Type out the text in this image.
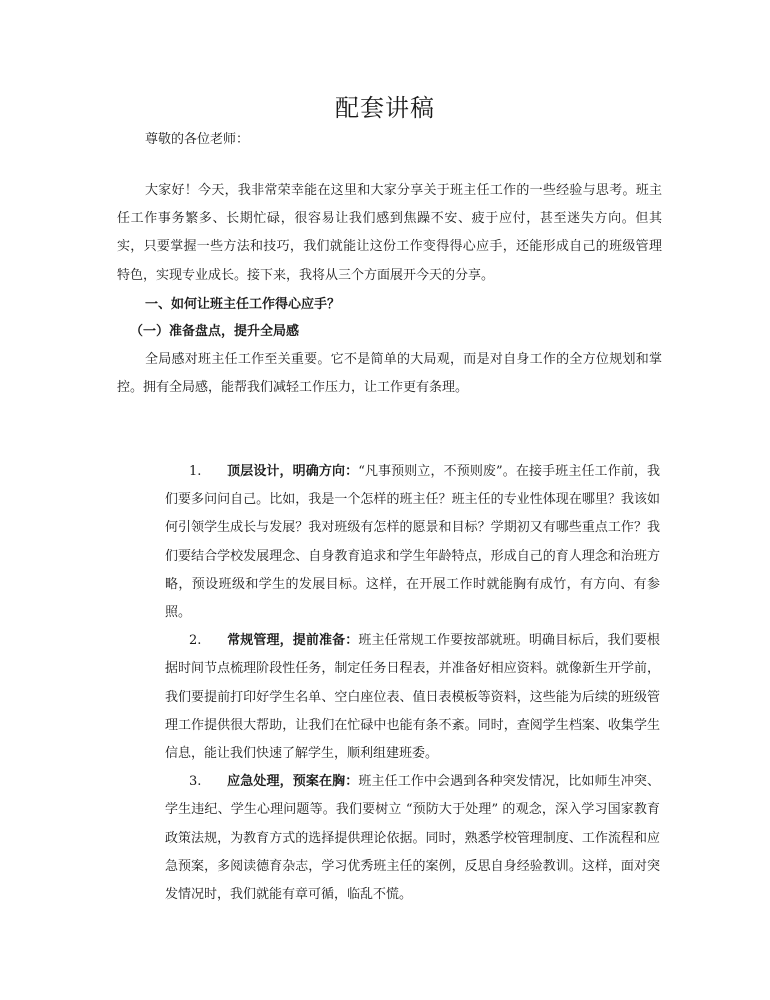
配套讲稿

尊敬的各位老师：

大家好！今天，我非常荣幸能在这里和大家分享关于班主任工作的一些经验与思考。班主任工作事务繁多、长期忙碌，很容易让我们感到焦躁不安、疲于应付，甚至迷失方向。但其实，只要掌握一些方法和技巧，我们就能让这份工作变得得心应手，还能形成自己的班级管理特色，实现专业成长。接下来，我将从三个方面展开今天的分享。

一、如何让班主任工作得心应手？

（一）准备盘点，提升全局感

全局感对班主任工作至关重要。它不是简单的大局观，而是对自身工作的全方位规划和掌控。拥有全局感，能帮我们减轻工作压力，让工作更有条理。

1. 顶层设计，明确方向：“凡事预则立，不预则废”。在接手班主任工作前，我们要多问问自己。比如，我是一个怎样的班主任？班主任的专业性体现在哪里？我该如何引领学生成长与发展？我对班级有怎样的愿景和目标？学期初又有哪些重点工作？我们要结合学校发展理念、自身教育追求和学生年龄特点，形成自己的育人理念和治班方略，预设班级和学生的发展目标。这样，在开展工作时就能胸有成竹，有方向、有参照。

2. 常规管理，提前准备：班主任常规工作要按部就班。明确目标后，我们要根据时间节点梳理阶段性任务，制定任务日程表，并准备好相应资料。就像新生开学前，我们要提前打印好学生名单、空白座位表、值日表模板等资料，这些能为后续的班级管理工作提供很大帮助，让我们在忙碌中也能有条不紊。同时，查阅学生档案、收集学生信息，能让我们快速了解学生，顺利组建班委。

3. 应急处理，预案在胸：班主任工作中会遇到各种突发情况，比如师生冲突、学生违纪、学生心理问题等。我们要树立 “预防大于处理” 的观念，深入学习国家教育政策法规，为教育方式的选择提供理论依据。同时，熟悉学校管理制度、工作流程和应急预案，多阅读德育杂志，学习优秀班主任的案例，反思自身经验教训。这样，面对突发情况时，我们就能有章可循，临乱不慌。
